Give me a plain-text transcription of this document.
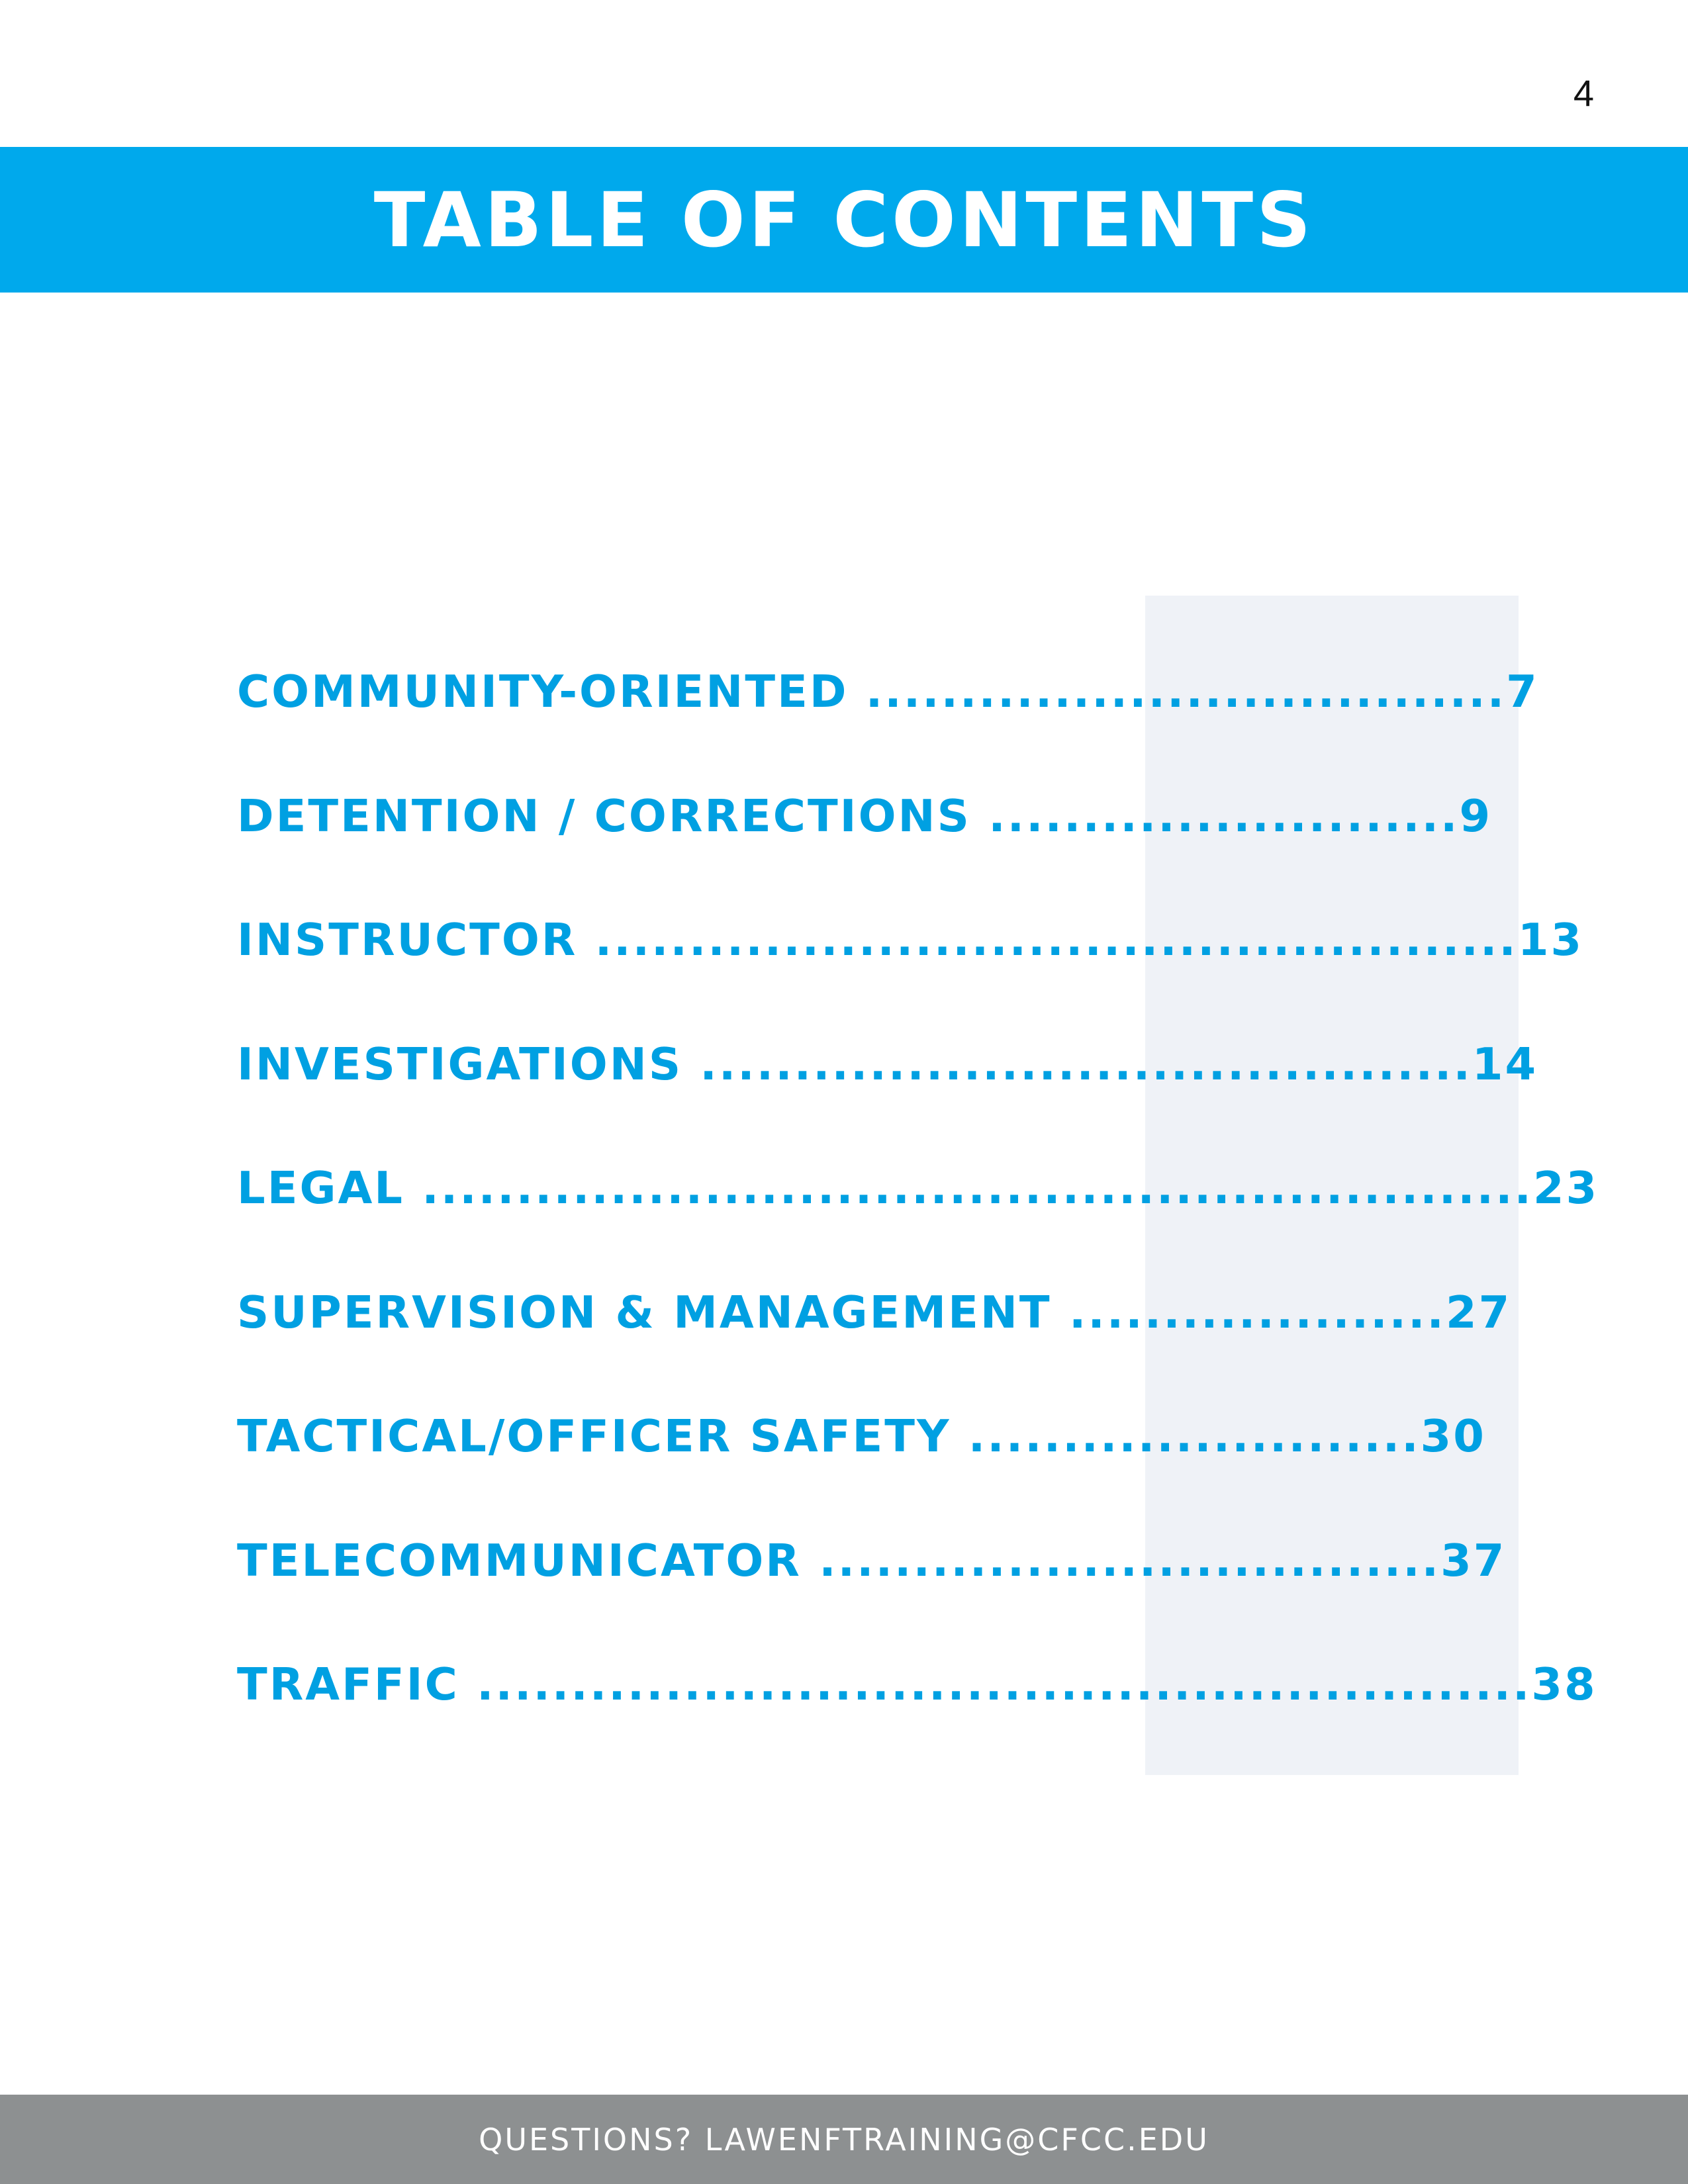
4
TABLE OF CONTENTS
COMMUNITY-ORIENTED ..................................7
DETENTION / CORRECTIONS .........................9
INSTRUCTOR .................................................13
INVESTIGATIONS .........................................14
LEGAL ...........................................................23
SUPERVISION & MANAGEMENT ....................27
TACTICAL/OFFICER SAFETY ........................30
TELECOMMUNICATOR .................................37
TRAFFIC ........................................................38
QUESTIONS? LAWENFTRAINING@CFCC.EDU
